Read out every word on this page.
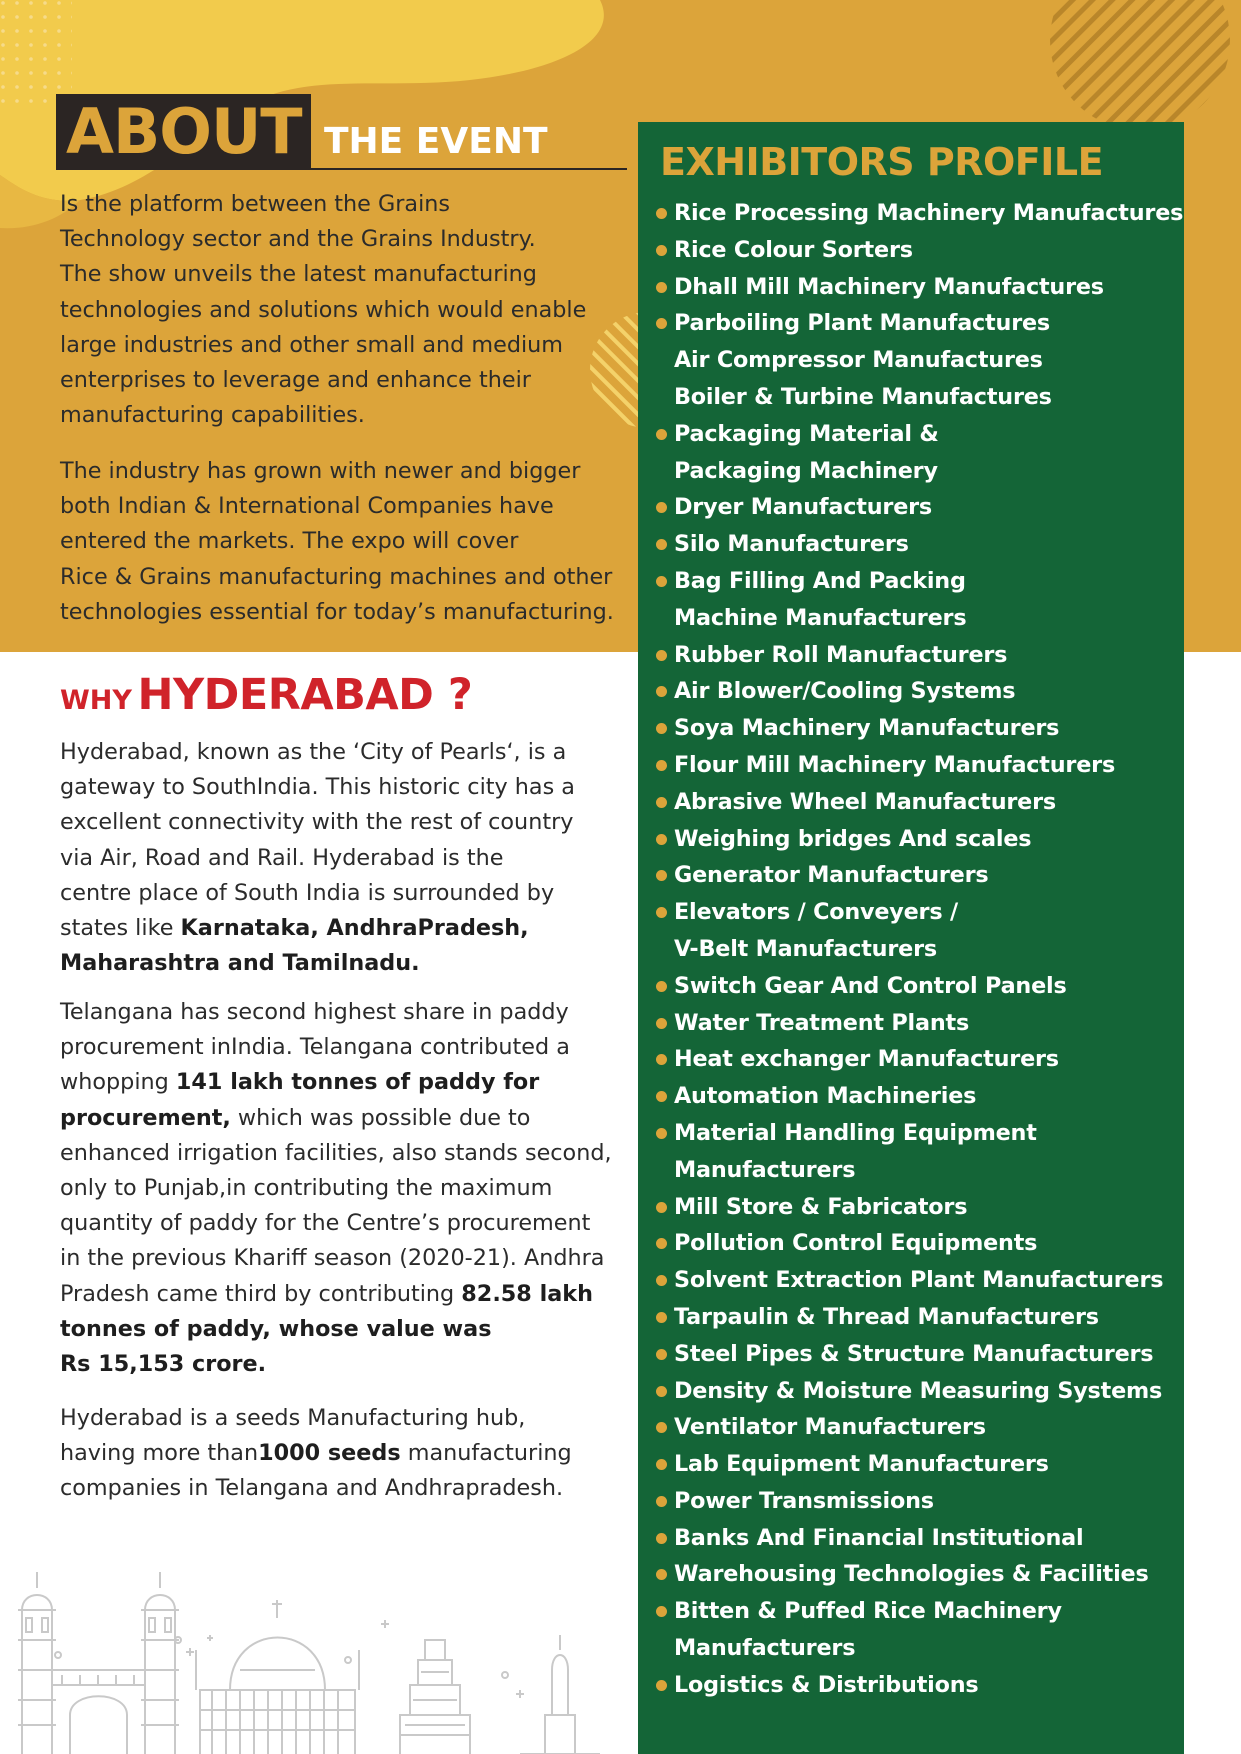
ABOUT THE EVENT

Is the platform between the Grains

Technology sector and the Grains Industry.

The show unveils the latest manufacturing

technologies and solutions which would enable

large industries and other small and medium

enterprises to leverage and enhance their

manufacturing capabilities.

The industry has grown with newer and bigger

both Indian & International Companies have

entered the markets. The expo will cover

Rice & Grains manufacturing machines and other

technologies essential for today’s manufacturing.

WHY HYDERABAD ?

Hyderabad, known as the ‘City of Pearls‘, is a

gateway to SouthIndia. This historic city has a

excellent connectivity with the rest of country

via Air, Road and Rail. Hyderabad is the

centre place of South India is surrounded by

states like Karnataka, AndhraPradesh,

Maharashtra and Tamilnadu.

Telangana has second highest share in paddy

procurement inIndia. Telangana contributed a

whopping 141 lakh tonnes of paddy for

procurement, which was possible due to

enhanced irrigation facilities, also stands second,

only to Punjab,in contributing the maximum

quantity of paddy for the Centre’s procurement

in the previous Khariff season (2020-21). Andhra

Pradesh came third by contributing 82.58 lakh

tonnes of paddy, whose value was

Rs 15,153 crore.

Hyderabad is a seeds Manufacturing hub,

having more than1000 seeds manufacturing

companies in Telangana and Andhrapradesh.

EXHIBITORS PROFILE
Rice Processing Machinery Manufactures
Rice Colour Sorters
Dhall Mill Machinery Manufactures
Parboiling Plant Manufactures
Air Compressor Manufactures
Boiler & Turbine Manufactures
Packaging Material &
Packaging Machinery
Dryer Manufacturers
Silo Manufacturers
Bag Filling And Packing
Machine Manufacturers
Rubber Roll Manufacturers
Air Blower/Cooling Systems
Soya Machinery Manufacturers
Flour Mill Machinery Manufacturers
Abrasive Wheel Manufacturers
Weighing bridges And scales
Generator Manufacturers
Elevators / Conveyers /
V-Belt Manufacturers
Switch Gear And Control Panels
Water Treatment Plants
Heat exchanger Manufacturers
Automation Machineries
Material Handling Equipment
Manufacturers
Mill Store & Fabricators
Pollution Control Equipments
Solvent Extraction Plant Manufacturers
Tarpaulin & Thread Manufacturers
Steel Pipes & Structure Manufacturers
Density & Moisture Measuring Systems
Ventilator Manufacturers
Lab Equipment Manufacturers
Power Transmissions
Banks And Financial Institutional
Warehousing Technologies & Facilities
Bitten & Puffed Rice Machinery
Manufacturers
Logistics & Distributions
